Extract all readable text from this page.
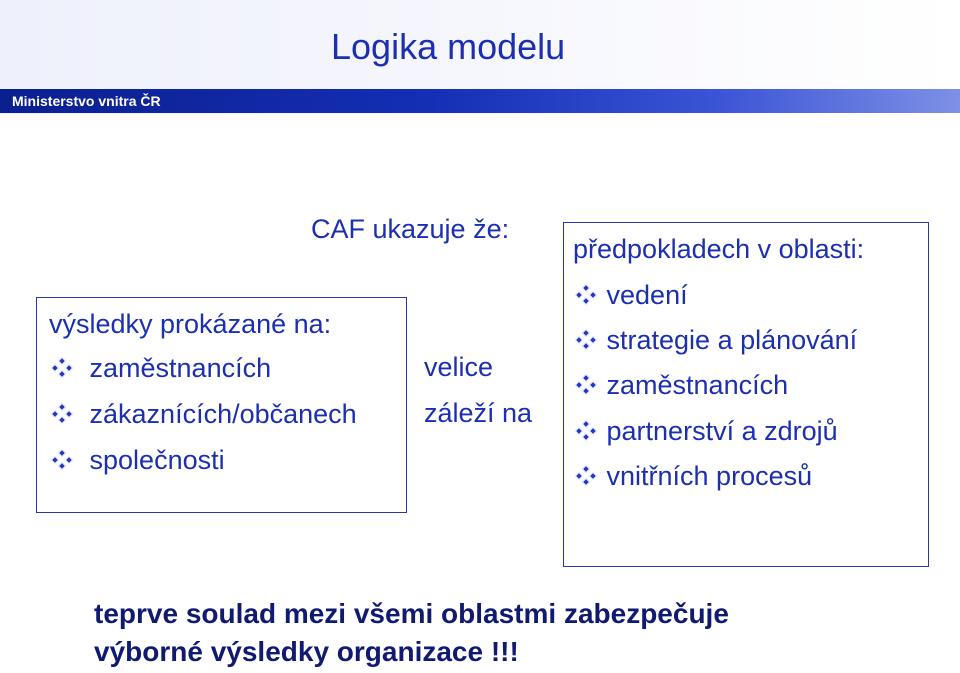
Logika modelu
Ministerstvo vnitra ČR
CAF ukazuje že:
výsledky prokázané na:
zaměstnancích
zákaznících/občanech
společnosti
velice
záleží na
předpokladech v oblasti:
vedení
strategie a plánování
zaměstnancích
partnerství a zdrojů
vnitřních procesů
teprve soulad mezi všemi oblastmi zabezpečuje
výborné výsledky organizace !!!
